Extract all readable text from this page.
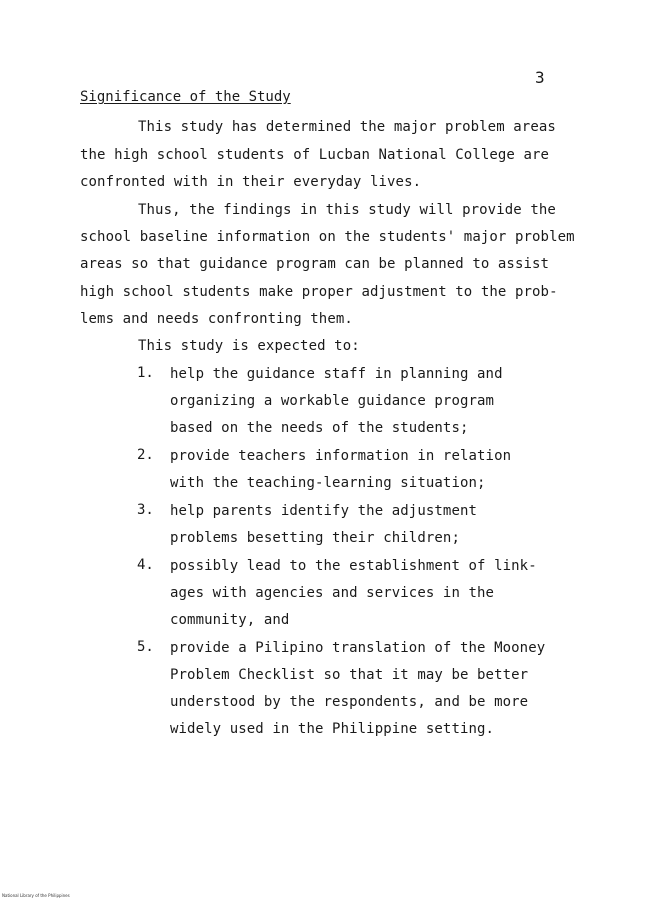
3
Significance of the Study
This study has determined the major problem areas
the high school students of Lucban National College are
confronted with in their everyday lives.
Thus, the findings in this study will provide the
school baseline information on the students' major problem
areas so that guidance program can be planned to assist
high school students make proper adjustment to the prob-
lems and needs confronting them.
This study is expected to:
1. help the guidance staff in planning and
organizing a workable guidance program
based on the needs of the students;
2. provide teachers information in relation
with the teaching-learning situation;
3. help parents identify the adjustment
problems besetting their children;
4. possibly lead to the establishment of link-
ages with agencies and services in the
community, and
5. provide a Pilipino translation of the Mooney
Problem Checklist so that it may be better
understood by the respondents, and be more
widely used in the Philippine setting.
National Library of the Philippines
